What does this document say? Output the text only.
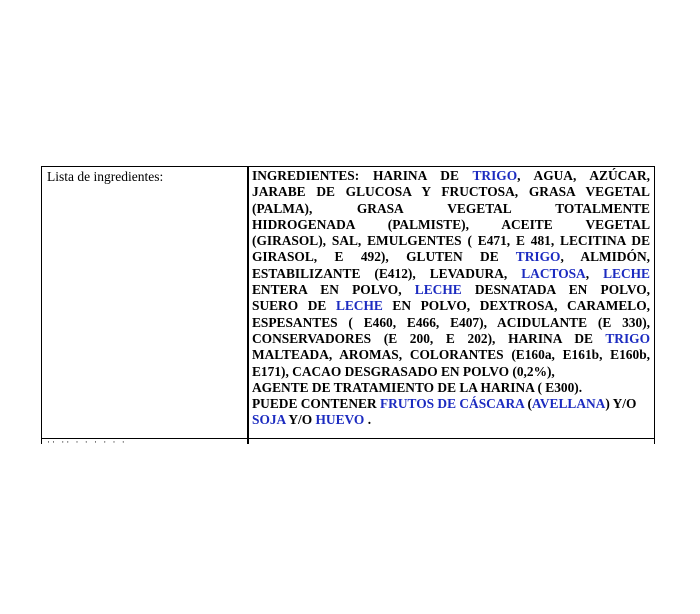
Lista de ingredientes:	INGREDIENTES: HARINA DE TRIGO, AGUA, AZÚCAR,
JARABE DE GLUCOSA Y FRUCTOSA, GRASA VEGETAL
(PALMA), GRASA VEGETAL TOTALMENTE
HIDROGENADA (PALMISTE), ACEITE VEGETAL
(GIRASOL), SAL, EMULGENTES ( E471, E 481, LECITINA DE
GIRASOL, E 492), GLUTEN DE TRIGO, ALMIDÓN,
ESTABILIZANTE (E412), LEVADURA, LACTOSA, LECHE
ENTERA EN POLVO, LECHE DESNATADA EN POLVO,
SUERO DE LECHE EN POLVO, DEXTROSA, CARAMELO,
ESPESANTES ( E460, E466, E407), ACIDULANTE (E 330),
CONSERVADORES (E 200, E 202), HARINA DE TRIGO
MALTEADA, AROMAS, COLORANTES (E160a, E161b, E160b,
E171), CACAO DESGRASADO EN POLVO (0,2%),
AGENTE DE TRATAMIENTO DE LA HARINA ( E300).
PUEDE CONTENER FRUTOS DE CÁSCARA (AVELLANA) Y/O
SOJA Y/O HUEVO .
·· ·· · · · · · ·
